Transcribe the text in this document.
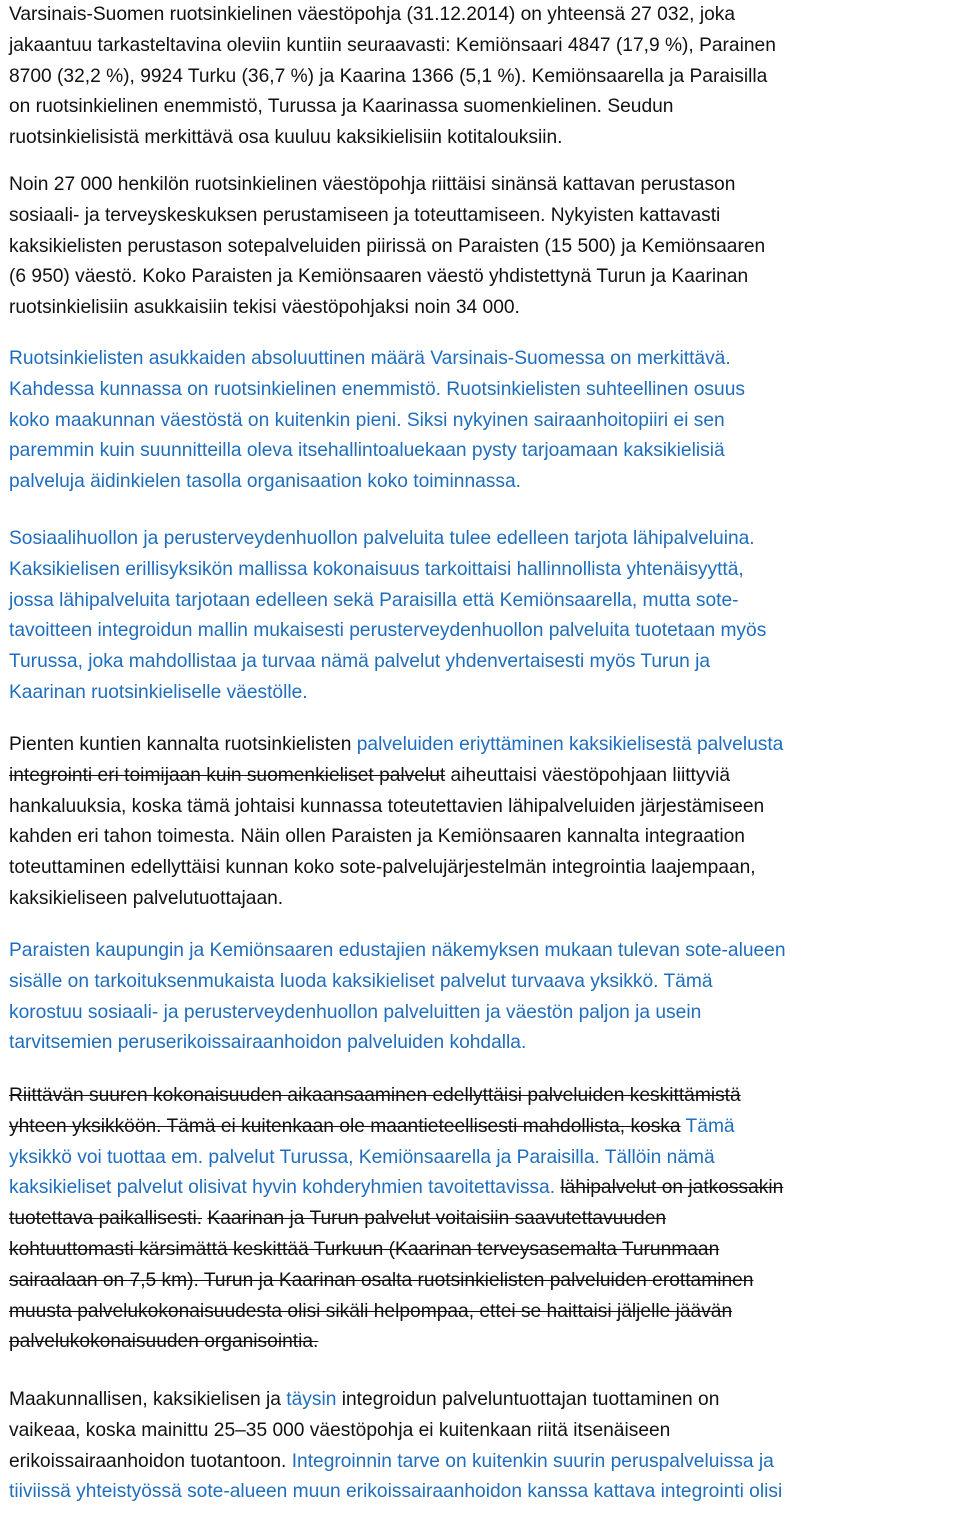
Varsinais-Suomen ruotsinkielinen väestöpohja (31.12.2014) on yhteensä 27 032, joka
jakaantuu tarkasteltavina oleviin kuntiin seuraavasti: Kemiönsaari 4847 (17,9 %), Parainen
8700 (32,2 %), 9924 Turku (36,7 %) ja Kaarina 1366 (5,1 %). Kemiönsaarella ja Paraisilla
on ruotsinkielinen enemmistö, Turussa ja Kaarinassa suomenkielinen. Seudun
ruotsinkielisistä merkittävä osa kuuluu kaksikielisiin kotitalouksiin.
Noin 27 000 henkilön ruotsinkielinen väestöpohja riittäisi sinänsä kattavan perustason
sosiaali- ja terveyskeskuksen perustamiseen ja toteuttamiseen. Nykyisten kattavasti
kaksikielisten perustason sotepalveluiden piirissä on Paraisten (15 500) ja Kemiönsaaren
(6 950) väestö. Koko Paraisten ja Kemiönsaaren väestö yhdistettynä Turun ja Kaarinan
ruotsinkielisiin asukkaisiin tekisi väestöpohjaksi noin 34 000.
Ruotsinkielisten asukkaiden absoluuttinen määrä Varsinais-Suomessa on merkittävä.
Kahdessa kunnassa on ruotsinkielinen enemmistö. Ruotsinkielisten suhteellinen osuus
koko maakunnan väestöstä on kuitenkin pieni. Siksi nykyinen sairaanhoitopiiri ei sen
paremmin kuin suunnitteilla oleva itsehallintoaluekaan pysty tarjoamaan kaksikielisiä
palveluja äidinkielen tasolla organisaation koko toiminnassa.
Sosiaalihuollon ja perusterveydenhuollon palveluita tulee edelleen tarjota lähipalveluina.
Kaksikielisen erillisyksikön mallissa kokonaisuus tarkoittaisi hallinnollista yhtenäisyyttä,
jossa lähipalveluita tarjotaan edelleen sekä Paraisilla että Kemiönsaarella, mutta sote-
tavoitteen integroidun mallin mukaisesti perusterveydenhuollon palveluita tuotetaan myös
Turussa, joka mahdollistaa ja turvaa nämä palvelut yhdenvertaisesti myös Turun ja
Kaarinan ruotsinkieliselle väestölle.
Pienten kuntien kannalta ruotsinkielisten palveluiden eriyttäminen kaksikielisestä palvelusta
integrointi eri toimijaan kuin suomenkieliset palvelut aiheuttaisi väestöpohjaan liittyviä
hankaluuksia, koska tämä johtaisi kunnassa toteutettavien lähipalveluiden järjestämiseen
kahden eri tahon toimesta. Näin ollen Paraisten ja Kemiönsaaren kannalta integraation
toteuttaminen edellyttäisi kunnan koko sote-palvelujärjestelmän integrointia laajempaan,
kaksikieliseen palvelutuottajaan.
Paraisten kaupungin ja Kemiönsaaren edustajien näkemyksen mukaan tulevan sote-alueen
sisälle on tarkoituksenmukaista luoda kaksikieliset palvelut turvaava yksikkö. Tämä
korostuu sosiaali- ja perusterveydenhuollon palveluitten ja väestön paljon ja usein
tarvitsemien peruserikoissairaanhoidon palveluiden kohdalla.
Riittävän suuren kokonaisuuden aikaansaaminen edellyttäisi palveluiden keskittämistä
yhteen yksikköön. Tämä ei kuitenkaan ole maantieteellisesti mahdollista, koska Tämä
yksikkö voi tuottaa em. palvelut Turussa, Kemiönsaarella ja Paraisilla. Tällöin nämä
kaksikieliset palvelut olisivat hyvin kohderyhmien tavoitettavissa. lähipalvelut on jatkossakin
tuotettava paikallisesti. Kaarinan ja Turun palvelut voitaisiin saavutettavuuden
kohtuuttomasti kärsimättä keskittää Turkuun (Kaarinan terveysasemalta Turunmaan
sairaalaan on 7,5 km). Turun ja Kaarinan osalta ruotsinkielisten palveluiden erottaminen
muusta palvelukokonaisuudesta olisi sikäli helpompaa, ettei se haittaisi jäljelle jäävän
palvelukokonaisuuden organisointia.
Maakunnallisen, kaksikielisen ja täysin integroidun palveluntuottajan tuottaminen on
vaikeaa, koska mainittu 25–35 000 väestöpohja ei kuitenkaan riitä itsenäiseen
erikoissairaanhoidon tuotantoon. Integroinnin tarve on kuitenkin suurin peruspalveluissa ja
tiiviissä yhteistyössä sote-alueen muun erikoissairaanhoidon kanssa kattava integrointi olisi
